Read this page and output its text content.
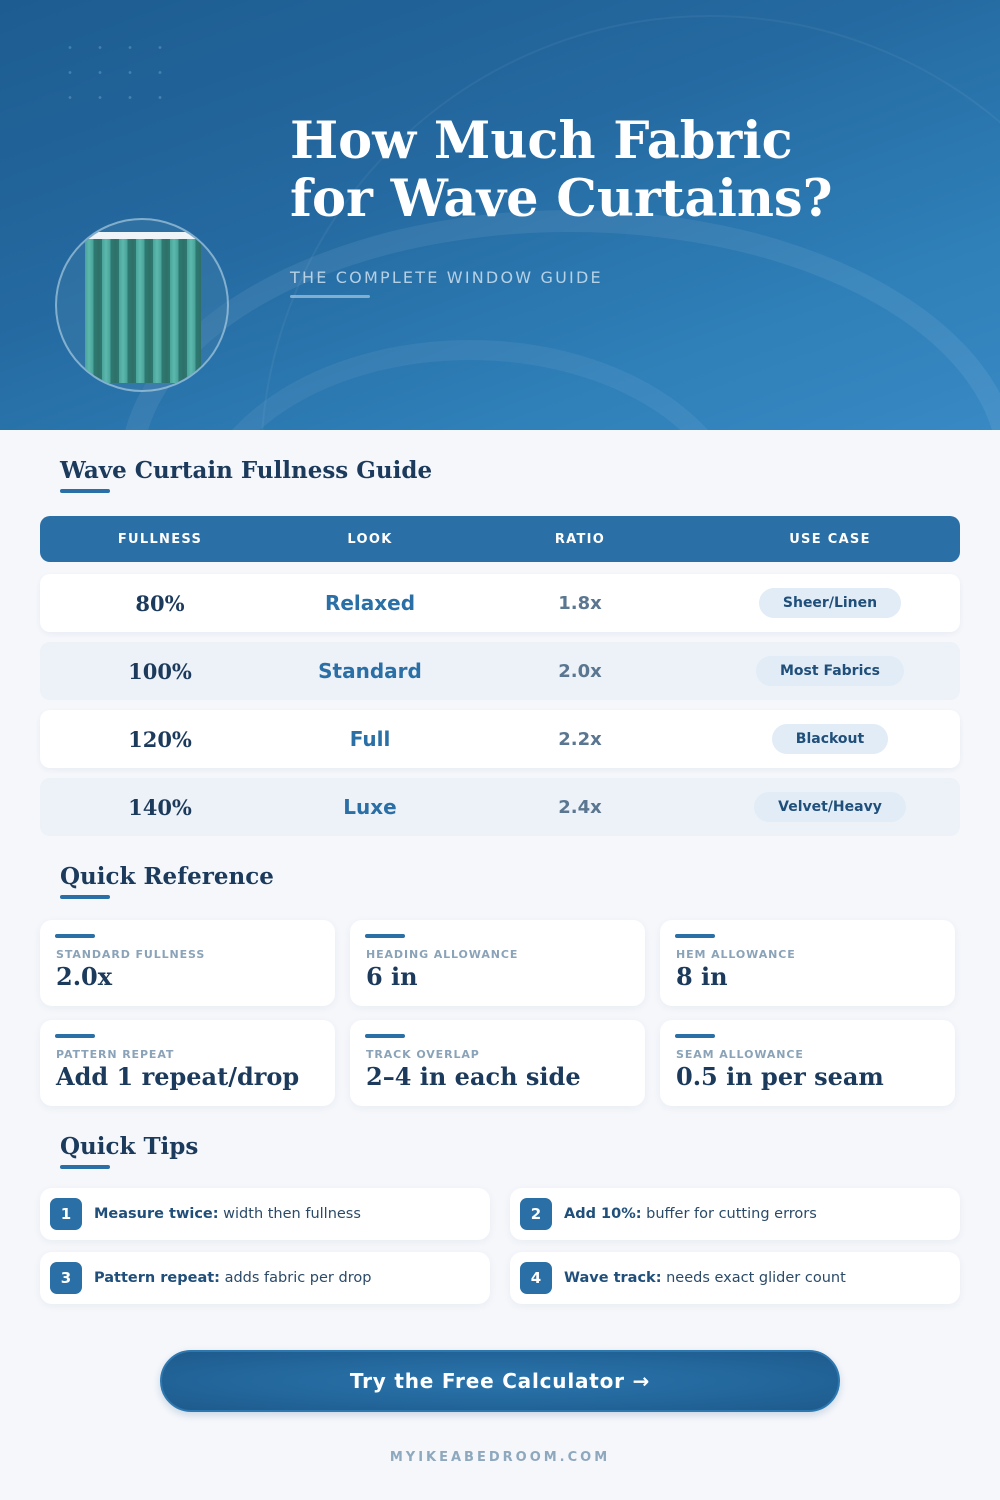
How Much Fabric
for Wave Curtains?
THE COMPLETE WINDOW GUIDE
Wave Curtain Fullness Guide
FULLNESS	LOOK	RATIO	USE CASE
80%	Relaxed	1.8x	Sheer/Linen
100%	Standard	2.0x	Most Fabrics
120%	Full	2.2x	Blackout
140%	Luxe	2.4x	Velvet/Heavy
Quick Reference
STANDARD FULLNESS
2.0x
HEADING ALLOWANCE
6 in
HEM ALLOWANCE
8 in
PATTERN REPEAT
Add 1 repeat/drop
TRACK OVERLAP
2–4 in each side
SEAM ALLOWANCE
0.5 in per seam
Quick Tips
1	Measure twice: width then fullness	2	Add 10%: buffer for cutting errors
3	Pattern repeat: adds fabric per drop	4	Wave track: needs exact glider count
Try the Free Calculator →
MYIKEABEDROOM.COM
